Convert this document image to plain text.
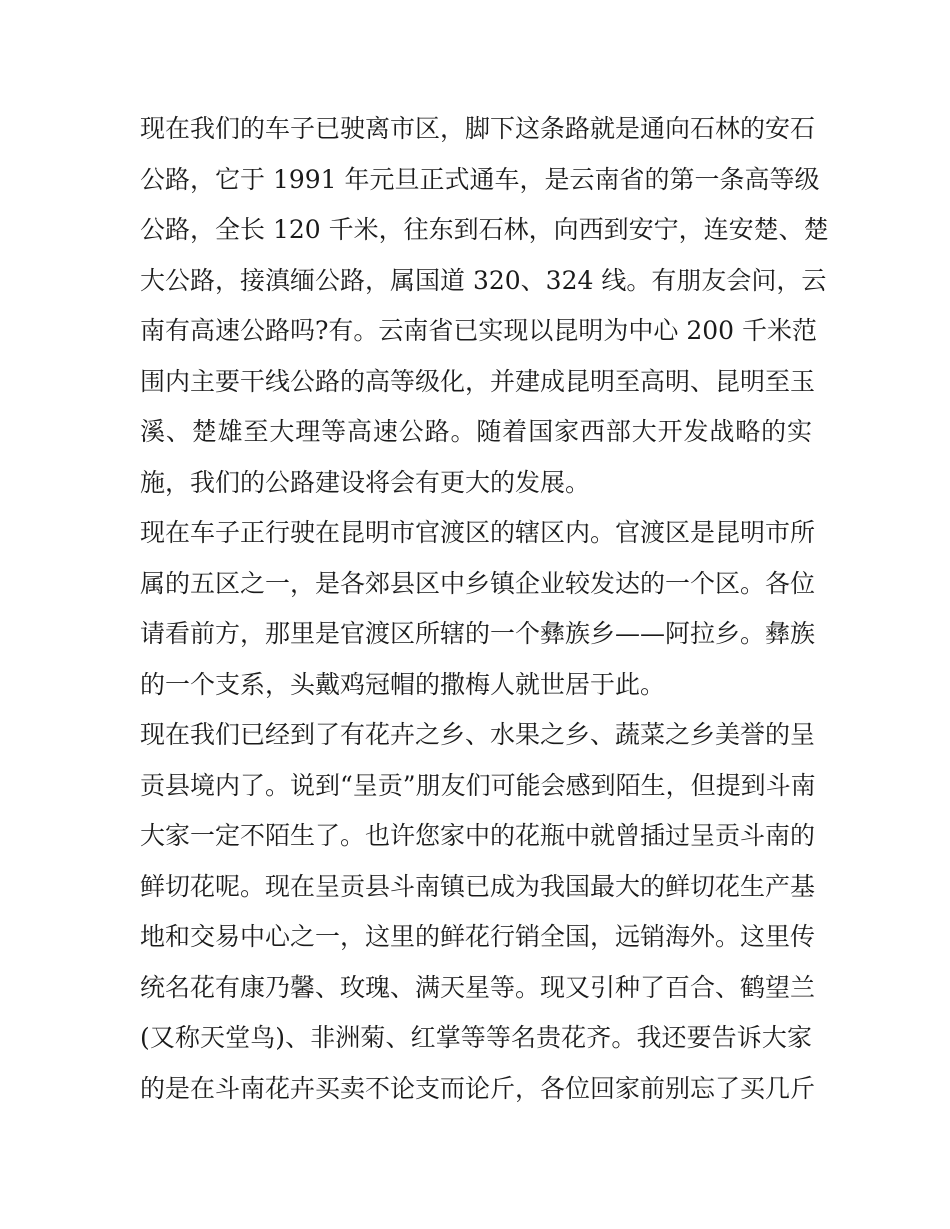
现在我们的车子已驶离市区，脚下这条路就是通向石林的安石
公路，它于 1991 年元旦正式通车，是云南省的第一条高等级
公路，全长 120 千米，往东到石林，向西到安宁，连安楚、楚
大公路，接滇缅公路，属国道 320、324 线。有朋友会问，云
南有高速公路吗?有。云南省已实现以昆明为中心 200 千米范
围内主要干线公路的高等级化，并建成昆明至高明、昆明至玉
溪、楚雄至大理等高速公路。随着国家西部大开发战略的实
施，我们的公路建设将会有更大的发展。
现在车子正行驶在昆明市官渡区的辖区内。官渡区是昆明市所
属的五区之一，是各郊县区中乡镇企业较发达的一个区。各位
请看前方，那里是官渡区所辖的一个彝族乡——阿拉乡。彝族
的一个支系，头戴鸡冠帽的撒梅人就世居于此。
现在我们已经到了有花卉之乡、水果之乡、蔬菜之乡美誉的呈
贡县境内了。说到“呈贡”朋友们可能会感到陌生，但提到斗南
大家一定不陌生了。也许您家中的花瓶中就曾插过呈贡斗南的
鲜切花呢。现在呈贡县斗南镇已成为我国最大的鲜切花生产基
地和交易中心之一，这里的鲜花行销全国，远销海外。这里传
统名花有康乃馨、玫瑰、满天星等。现又引种了百合、鹤望兰
(又称天堂鸟)、非洲菊、红掌等等名贵花齐。我还要告诉大家
的是在斗南花卉买卖不论支而论斤，各位回家前别忘了买几斤
